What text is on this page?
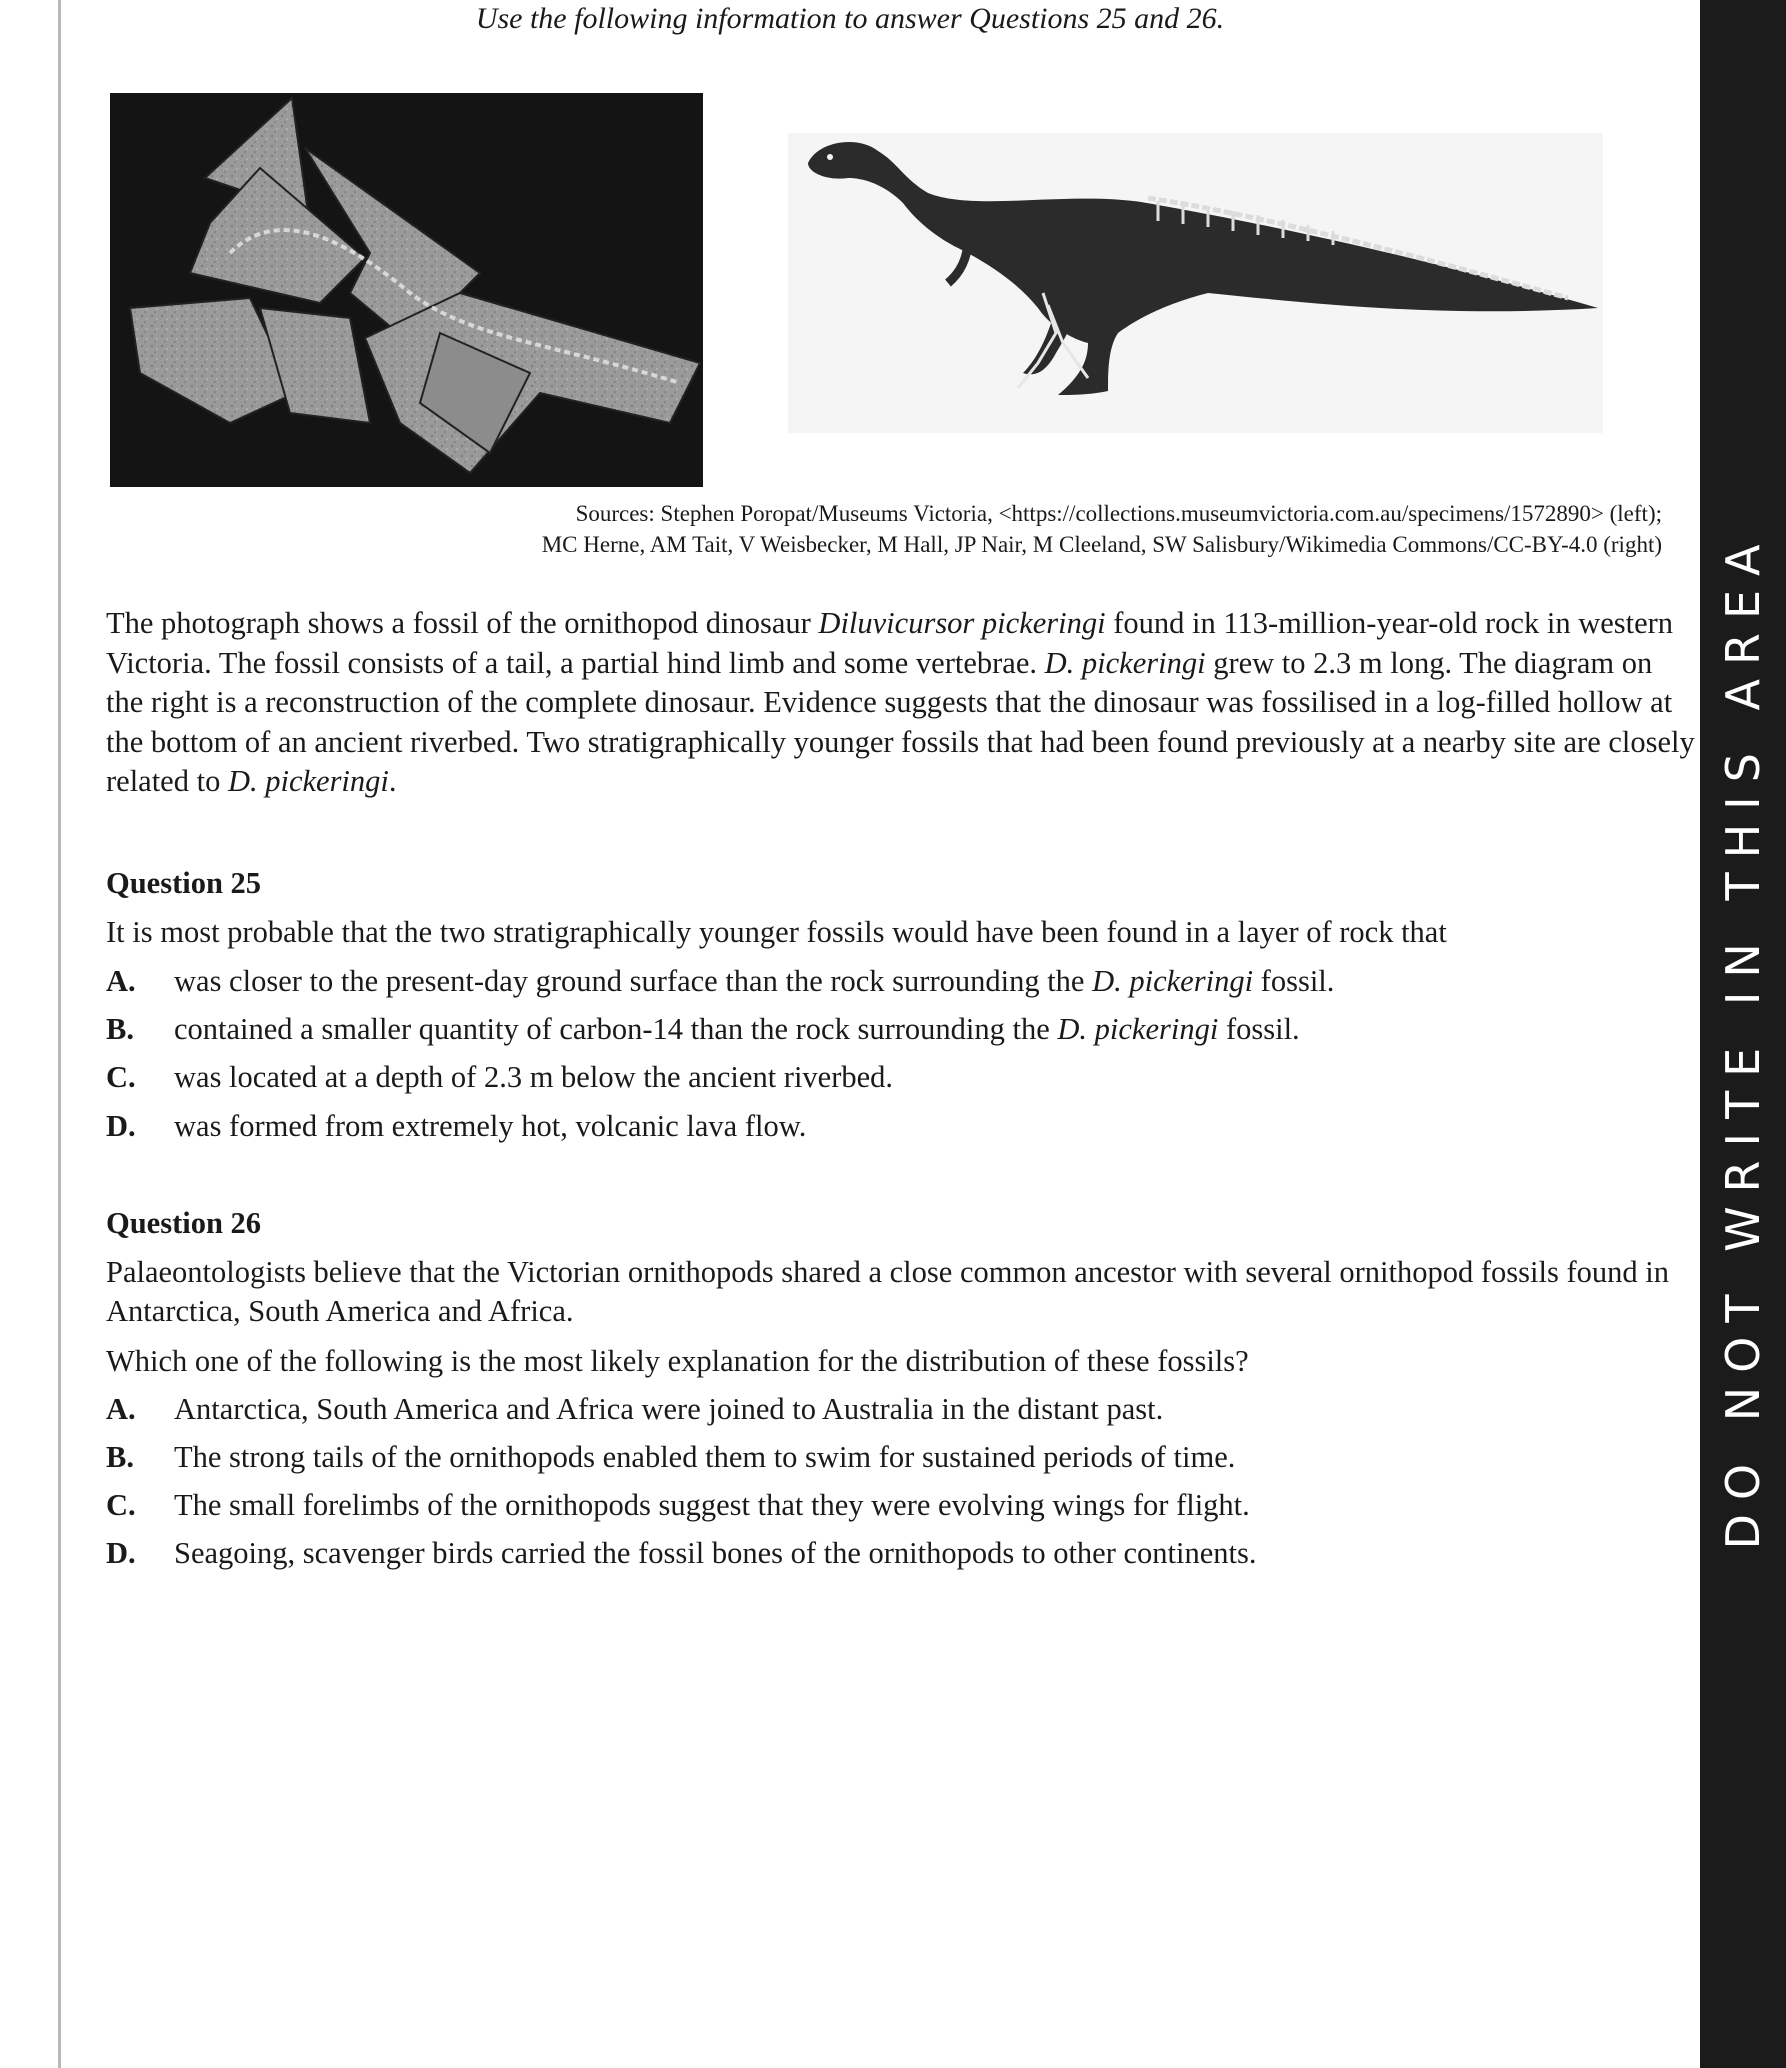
Use the following information to answer Questions 25 and 26.
Sources: Stephen Poropat/Museums Victoria, <https://collections.museumvictoria.com.au/specimens/1572890> (left);
MC Herne, AM Tait, V Weisbecker, M Hall, JP Nair, M Cleeland, SW Salisbury/Wikimedia Commons/CC-BY-4.0 (right)
The photograph shows a fossil of the ornithopod dinosaur Diluvicursor pickeringi found in 113-million-year-old rock in western Victoria. The fossil consists of a tail, a partial hind limb and some vertebrae. D. pickeringi grew to 2.3 m long. The diagram on the right is a reconstruction of the complete dinosaur. Evidence suggests that the dinosaur was fossilised in a log-filled hollow at the bottom of an ancient riverbed. Two stratigraphically younger fossils that had been found previously at a nearby site are closely related to D. pickeringi.
Question 25
It is most probable that the two stratigraphically younger fossils would have been found in a layer of rock that
A. was closer to the present-day ground surface than the rock surrounding the D. pickeringi fossil.
B. contained a smaller quantity of carbon-14 than the rock surrounding the D. pickeringi fossil.
C. was located at a depth of 2.3 m below the ancient riverbed.
D. was formed from extremely hot, volcanic lava flow.
Question 26
Palaeontologists believe that the Victorian ornithopods shared a close common ancestor with several ornithopod fossils found in Antarctica, South America and Africa.
Which one of the following is the most likely explanation for the distribution of these fossils?
A. Antarctica, South America and Africa were joined to Australia in the distant past.
B. The strong tails of the ornithopods enabled them to swim for sustained periods of time.
C. The small forelimbs of the ornithopods suggest that they were evolving wings for flight.
D. Seagoing, scavenger birds carried the fossil bones of the ornithopods to other continents.
DO NOT WRITE IN THIS AREA
